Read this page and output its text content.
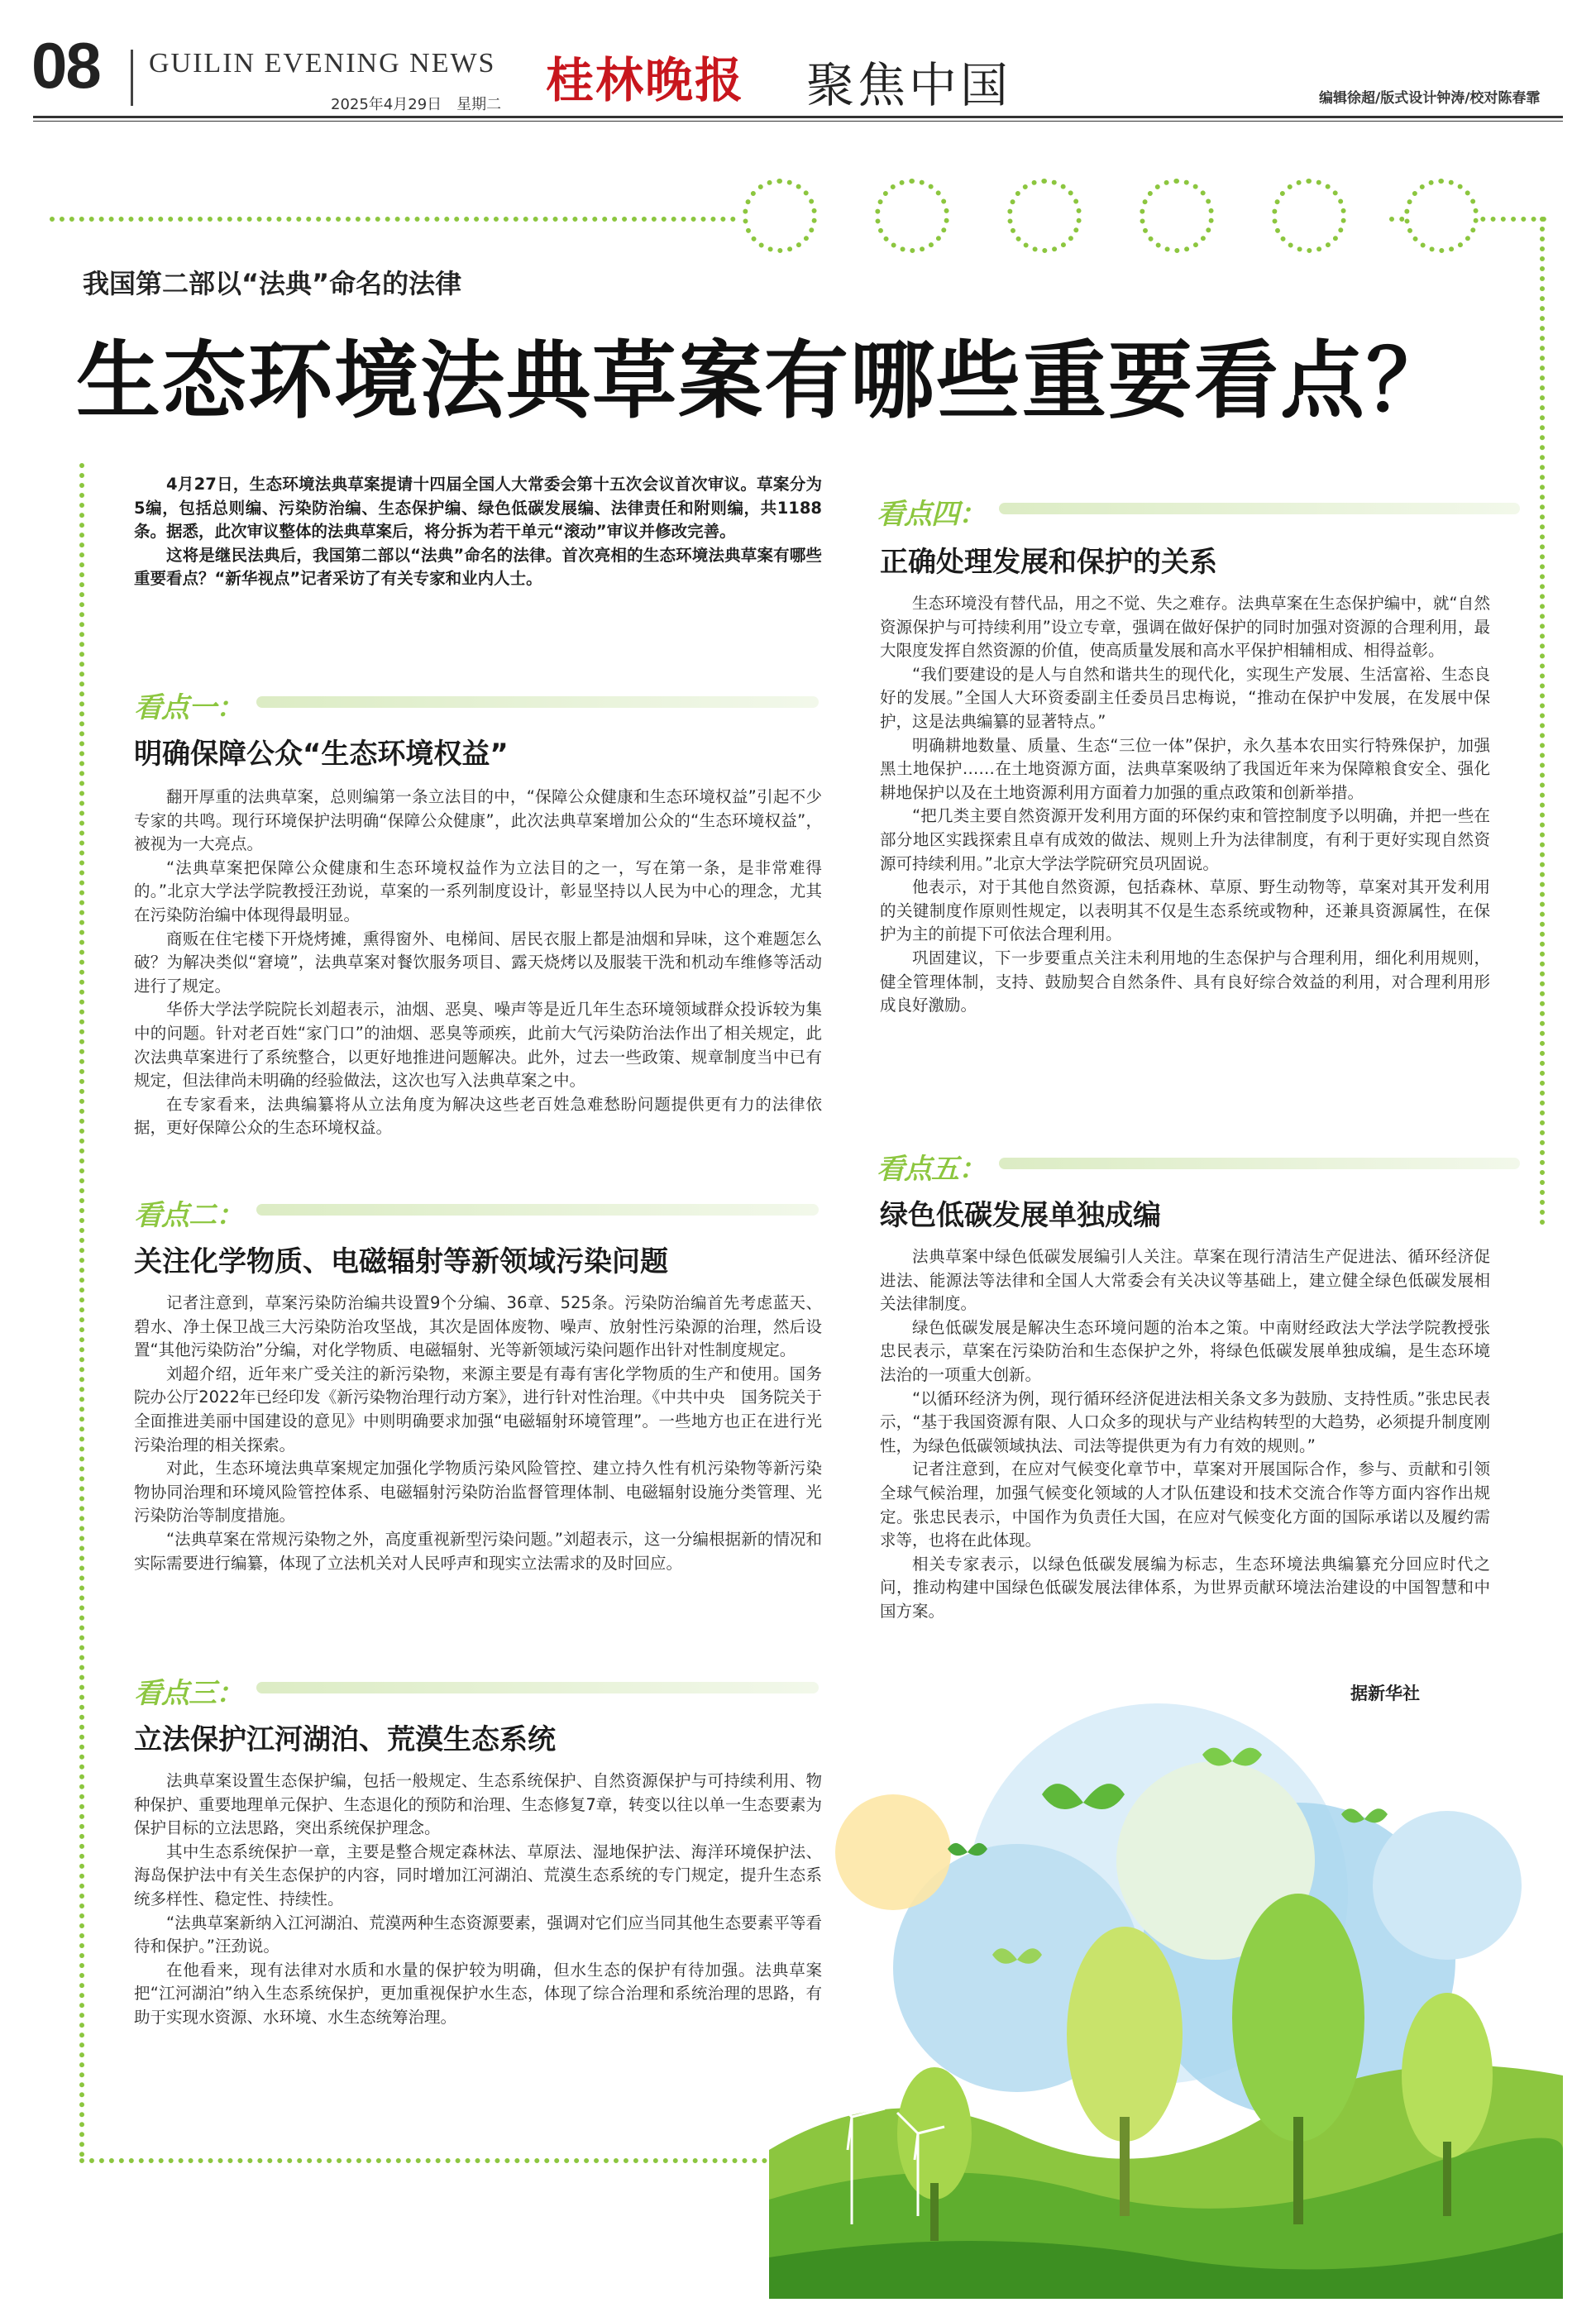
08 GUILIN EVENING NEWS
2025年4月29日　星期二 桂林晚报 聚焦中国	编辑徐超/版式设计钟涛/校对陈春霏
我国第二部以“法典”命名的法律
生态环境法典草案有哪些重要看点？

4月27日，生态环境法典草案提请十四届全国人大常委会第十五次会议首次审议。草案分为5编，包括总则编、污染防治编、生态保护编、绿色低碳发展编、法律责任和附则编，共1188条。据悉，此次审议整体的法典草案后，将分拆为若干单元“滚动”审议并修改完善。

这将是继民法典后，我国第二部以“法典”命名的法律。首次亮相的生态环境法典草案有哪些重要看点？“新华视点”记者采访了有关专家和业内人士。

看点一：
明确保障公众“生态环境权益”

翻开厚重的法典草案，总则编第一条立法目的中，“保障公众健康和生态环境权益”引起不少专家的共鸣。现行环境保护法明确“保障公众健康”，此次法典草案增加公众的“生态环境权益”，被视为一大亮点。

“法典草案把保障公众健康和生态环境权益作为立法目的之一，写在第一条，是非常难得的。”北京大学法学院教授汪劲说，草案的一系列制度设计，彰显坚持以人民为中心的理念，尤其在污染防治编中体现得最明显。

商贩在住宅楼下开烧烤摊，熏得窗外、电梯间、居民衣服上都是油烟和异味，这个难题怎么破？为解决类似“窘境”，法典草案对餐饮服务项目、露天烧烤以及服装干洗和机动车维修等活动进行了规定。

华侨大学法学院院长刘超表示，油烟、恶臭、噪声等是近几年生态环境领域群众投诉较为集中的问题。针对老百姓“家门口”的油烟、恶臭等顽疾，此前大气污染防治法作出了相关规定，此次法典草案进行了系统整合，以更好地推进问题解决。此外，过去一些政策、规章制度当中已有规定，但法律尚未明确的经验做法，这次也写入法典草案之中。

在专家看来，法典编纂将从立法角度为解决这些老百姓急难愁盼问题提供更有力的法律依据，更好保障公众的生态环境权益。

看点二：
关注化学物质、电磁辐射等新领域污染问题

记者注意到，草案污染防治编共设置9个分编、36章、525条。污染防治编首先考虑蓝天、碧水、净土保卫战三大污染防治攻坚战，其次是固体废物、噪声、放射性污染源的治理，然后设置“其他污染防治”分编，对化学物质、电磁辐射、光等新领域污染问题作出针对性制度规定。

刘超介绍，近年来广受关注的新污染物，来源主要是有毒有害化学物质的生产和使用。国务院办公厅2022年已经印发《新污染物治理行动方案》，进行针对性治理。《中共中央　国务院关于全面推进美丽中国建设的意见》中则明确要求加强“电磁辐射环境管理”。一些地方也正在进行光污染治理的相关探索。

对此，生态环境法典草案规定加强化学物质污染风险管控、建立持久性有机污染物等新污染物协同治理和环境风险管控体系、电磁辐射污染防治监督管理体制、电磁辐射设施分类管理、光污染防治等制度措施。

“法典草案在常规污染物之外，高度重视新型污染问题。”刘超表示，这一分编根据新的情况和实际需要进行编纂，体现了立法机关对人民呼声和现实立法需求的及时回应。

看点三：
立法保护江河湖泊、荒漠生态系统

法典草案设置生态保护编，包括一般规定、生态系统保护、自然资源保护与可持续利用、物种保护、重要地理单元保护、生态退化的预防和治理、生态修复7章，转变以往以单一生态要素为保护目标的立法思路，突出系统保护理念。

其中生态系统保护一章，主要是整合规定森林法、草原法、湿地保护法、海洋环境保护法、海岛保护法中有关生态保护的内容，同时增加江河湖泊、荒漠生态系统的专门规定，提升生态系统多样性、稳定性、持续性。

“法典草案新纳入江河湖泊、荒漠两种生态资源要素，强调对它们应当同其他生态要素平等看待和保护。”汪劲说。

在他看来，现有法律对水质和水量的保护较为明确，但水生态的保护有待加强。法典草案把“江河湖泊”纳入生态系统保护，更加重视保护水生态，体现了综合治理和系统治理的思路，有助于实现水资源、水环境、水生态统筹治理。

看点四：
正确处理发展和保护的关系

生态环境没有替代品，用之不觉、失之难存。法典草案在生态保护编中，就“自然资源保护与可持续利用”设立专章，强调在做好保护的同时加强对资源的合理利用，最大限度发挥自然资源的价值，使高质量发展和高水平保护相辅相成、相得益彰。

“我们要建设的是人与自然和谐共生的现代化，实现生产发展、生活富裕、生态良好的发展。”全国人大环资委副主任委员吕忠梅说，“推动在保护中发展，在发展中保护，这是法典编纂的显著特点。”

明确耕地数量、质量、生态“三位一体”保护，永久基本农田实行特殊保护，加强黑土地保护……在土地资源方面，法典草案吸纳了我国近年来为保障粮食安全、强化耕地保护以及在土地资源利用方面着力加强的重点政策和创新举措。

“把几类主要自然资源开发利用方面的环保约束和管控制度予以明确，并把一些在部分地区实践探索且卓有成效的做法、规则上升为法律制度，有利于更好实现自然资源可持续利用。”北京大学法学院研究员巩固说。

他表示，对于其他自然资源，包括森林、草原、野生动物等，草案对其开发利用的关键制度作原则性规定，以表明其不仅是生态系统或物种，还兼具资源属性，在保护为主的前提下可依法合理利用。

巩固建议，下一步要重点关注未利用地的生态保护与合理利用，细化利用规则，健全管理体制，支持、鼓励契合自然条件、具有良好综合效益的利用，对合理利用形成良好激励。

看点五：
绿色低碳发展单独成编

法典草案中绿色低碳发展编引人关注。草案在现行清洁生产促进法、循环经济促进法、能源法等法律和全国人大常委会有关决议等基础上，建立健全绿色低碳发展相关法律制度。

绿色低碳发展是解决生态环境问题的治本之策。中南财经政法大学法学院教授张忠民表示，草案在污染防治和生态保护之外，将绿色低碳发展单独成编，是生态环境法治的一项重大创新。

“以循环经济为例，现行循环经济促进法相关条文多为鼓励、支持性质。”张忠民表示，“基于我国资源有限、人口众多的现状与产业结构转型的大趋势，必须提升制度刚性，为绿色低碳领域执法、司法等提供更为有力有效的规则。”

记者注意到，在应对气候变化章节中，草案对开展国际合作，参与、贡献和引领全球气候治理，加强气候变化领域的人才队伍建设和技术交流合作等方面内容作出规定。张忠民表示，中国作为负责任大国，在应对气候变化方面的国际承诺以及履约需求等，也将在此体现。

相关专家表示，以绿色低碳发展编为标志，生态环境法典编纂充分回应时代之问，推动构建中国绿色低碳发展法律体系，为世界贡献环境法治建设的中国智慧和中国方案。

据新华社
